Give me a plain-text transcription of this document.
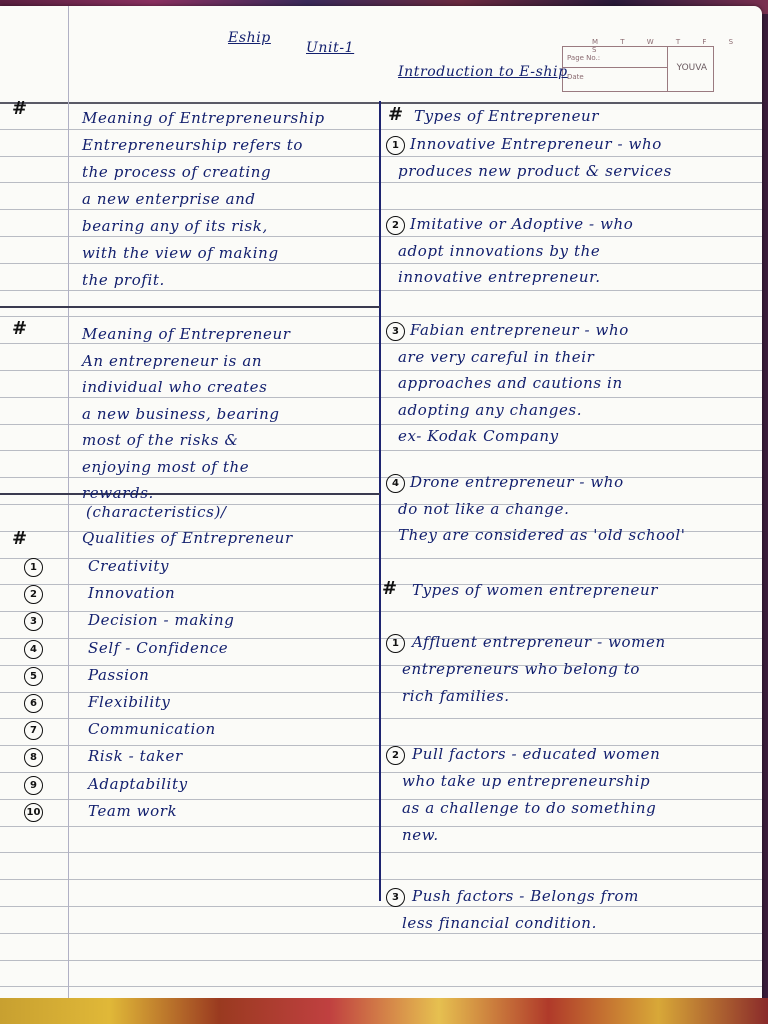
M T W T F S S
Page No.:
Date
YOUVA
Eship
Unit-1
Introduction to E-ship
#	Meaning of Entrepreneurship
Entrepreneurship refers to
the process of creating
a new enterprise and
bearing any of its risk,
with the view of making
the profit.
#	Meaning of Entrepreneur
An entrepreneur is an
individual who creates
a new business, bearing
most of the risks &
enjoying most of the
rewards.
(characteristics)/
#	Qualities of Entrepreneur
1	Creativity
2	Innovation
3	Decision - making
4	Self - Confidence
5	Passion
6	Flexibility
7	Communication
8	Risk - taker
9	Adaptability
10	Team work
# Types of Entrepreneur
1 Innovative Entrepreneur - who
produces new product & services
2 Imitative or Adoptive - who
adopt innovations by the
innovative entrepreneur.
3 Fabian entrepreneur - who
are very careful in their
approaches and cautions in
adopting any changes.
ex- Kodak Company
4 Drone entrepreneur - who
do not like a change.
They are considered as 'old school'
# Types of women entrepreneur
1 Affluent entrepreneur - women
entrepreneurs who belong to
rich families.
2 Pull factors - educated women
who take up entrepreneurship
as a challenge to do something
new.
3 Push factors - Belongs from
less financial condition.
